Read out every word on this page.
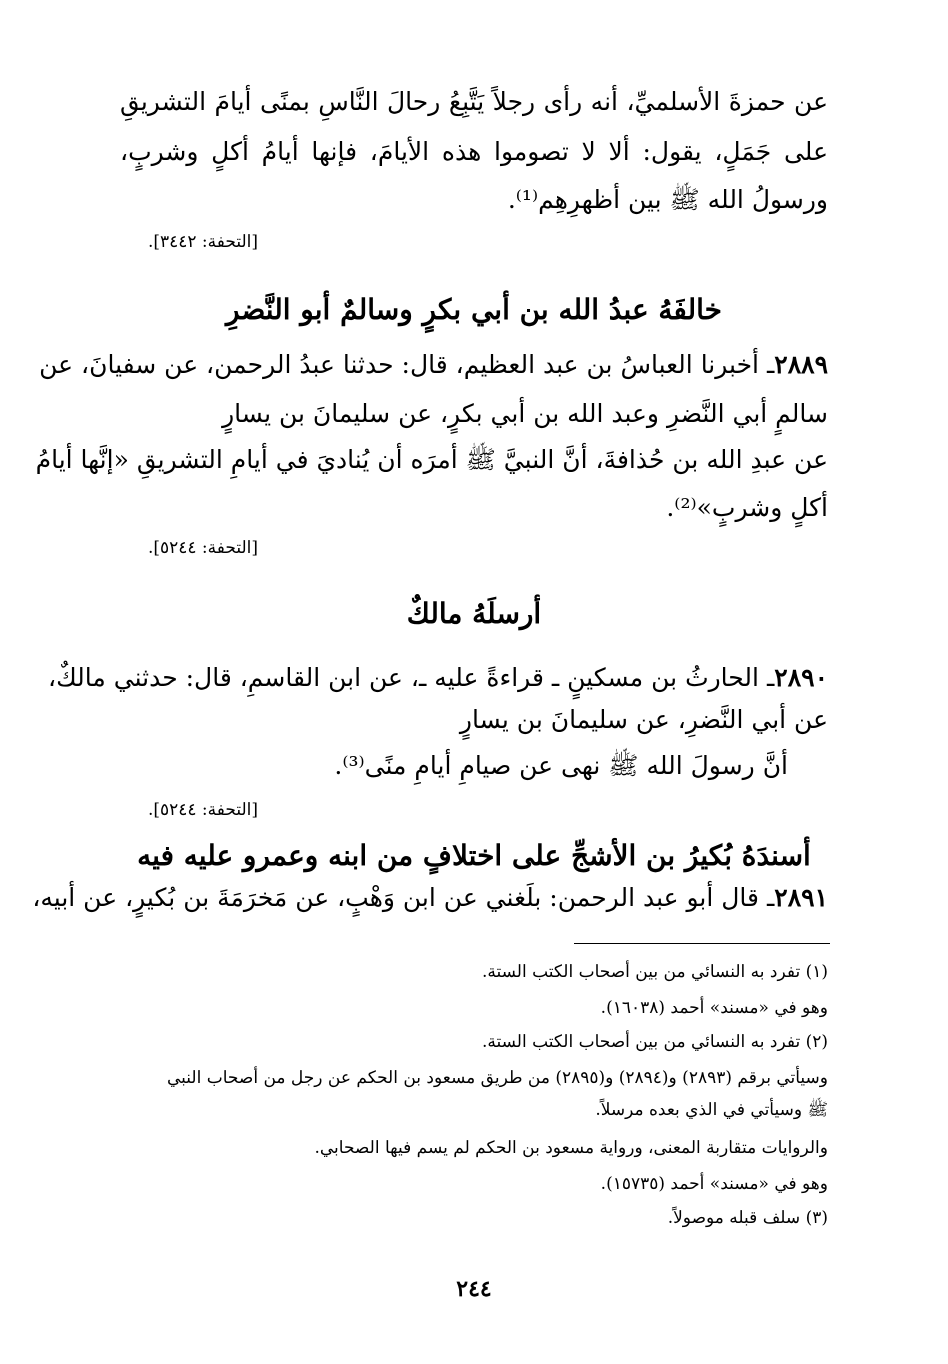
عن حمزةَ الأسلميِّ، أنه رأى رجلاً يَتَّبِعُ رحالَ النَّاسِ بمنًى أيامَ التشريقِ
على جَمَلٍ، يقول: ألا لا تصوموا هذه الأيامَ، فإنها أيامُ أكلٍ وشربٍ،
ورسولُ الله ﷺ بين أظهرِهِم⁽¹⁾.
[التحفة: ٣٤٤٢].
خالفَهُ عبدُ الله بن أبي بكرٍ وسالمٌ أبو النَّضرِ
٢٨٨٩ـ أخبرنا العباسُ بن عبد العظيم، قال: حدثنا عبدُ الرحمن، عن سفيانَ، عن
سالمٍ أبي النَّضرِ وعبد الله بن أبي بكرٍ، عن سليمانَ بن يسارٍ
عن عبدِ الله بن حُذافةَ، أنَّ النبيَّ ﷺ أمرَه أن يُناديَ في أيامِ التشريقِ «إنَّها أيامُ
أكلٍ وشربٍ»⁽²⁾.
[التحفة: ٥٢٤٤].
أرسلَهُ مالكٌ
٢٨٩٠ـ الحارثُ بن مسكينٍ ـ قراءةً عليه ـ، عن ابن القاسمِ، قال: حدثني مالكٌ،
عن أبي النَّضرِ، عن سليمانَ بن يسارٍ
أنَّ رسولَ الله ﷺ نهى عن صيامِ أيامِ منًى⁽³⁾.
[التحفة: ٥٢٤٤].
أسندَهُ بُكيرُ بن الأشجِّ على اختلافٍ من ابنه وعمرو عليه فيه
٢٨٩١ـ قال أبو عبد الرحمن: بلَغني عن ابن وَهْبٍ، عن مَخرَمَةَ بن بُكيرٍ، عن أبيه،
(١) تفرد به النسائي من بين أصحاب الكتب الستة.
وهو في «مسند» أحمد (١٦٠٣٨).
(٢) تفرد به النسائي من بين أصحاب الكتب الستة.
وسيأتي برقم (٢٨٩٣) و(٢٨٩٤) و(٢٨٩٥) من طريق مسعود بن الحكم عن رجل من أصحاب النبي
ﷺ وسيأتي في الذي بعده مرسلاً.
والروايات متقاربة المعنى، ورواية مسعود بن الحكم لم يسم فيها الصحابي.
وهو في «مسند» أحمد (١٥٧٣٥).
(٣) سلف قبله موصولاً.
٢٤٤
